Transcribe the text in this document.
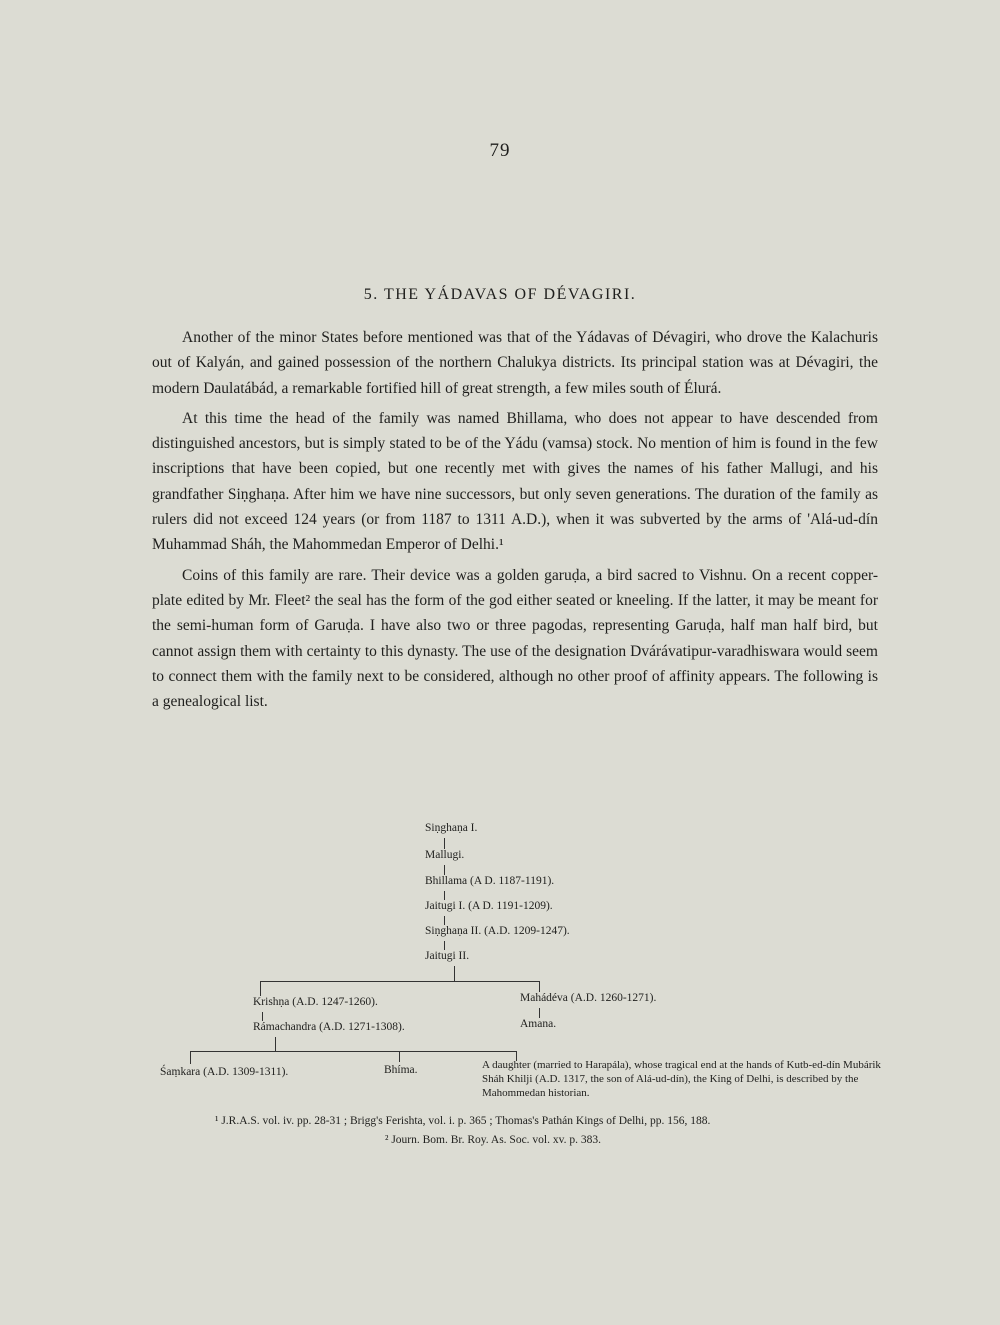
79
5. THE YÁDAVAS OF DÉVAGIRI.

Another of the minor States before mentioned was that of the Yádavas of Dévagiri, who drove the Kalachuris out of Kalyán, and gained possession of the northern Chalukya districts. Its principal station was at Dévagiri, the modern Daulatábád, a remarkable fortified hill of great strength, a few miles south of Élurá.

At this time the head of the family was named Bhillama, who does not appear to have descended from distinguished ancestors, but is simply stated to be of the Yádu (vamsa) stock. No mention of him is found in the few inscriptions that have been copied, but one recently met with gives the names of his father Mallugi, and his grandfather Siṇghaṇa. After him we have nine successors, but only seven generations. The duration of the family as rulers did not exceed 124 years (or from 1187 to 1311 A.D.), when it was subverted by the arms of 'Alá-ud-dín Muhammad Sháh, the Mahommedan Emperor of Delhi.¹

Coins of this family are rare. Their device was a golden garuḍa, a bird sacred to Vishnu. On a recent copper-plate edited by Mr. Fleet² the seal has the form of the god either seated or kneeling. If the latter, it may be meant for the semi-human form of Garuḍa. I have also two or three pagodas, representing Garuḍa, half man half bird, but cannot assign them with certainty to this dynasty. The use of the designation Dvárávatipur-varadhiswara would seem to connect them with the family next to be considered, although no other proof of affinity appears. The following is a genealogical list.

Siṇghaṇa I.
Mallugi.
Bhillama (A D. 1187-1191).
Jaitugi I. (A D. 1191-1209).
Siṇghaṇa II. (A.D. 1209-1247).
Jaitugi II.
Krishṇa (A.D. 1247-1260).	Mahádéva (A.D. 1260-1271).
Rámachandra (A.D. 1271-1308).	Amana.
Śaṃkara (A.D. 1309-1311).	Bhíma.	A daughter (married to Harapála), whose tragical end at the hands of Kutb-ed-dín Mubárik Sháh Khilji (A.D. 1317, the son of Alá-ud-dín), the King of Delhi, is described by the Mahommedan historian.
¹ J.R.A.S. vol. iv. pp. 28-31 ; Brigg's Ferishta, vol. i. p. 365 ; Thomas's Pathán Kings of Delhi, pp. 156, 188.
² Journ. Bom. Br. Roy. As. Soc. vol. xv. p. 383.
